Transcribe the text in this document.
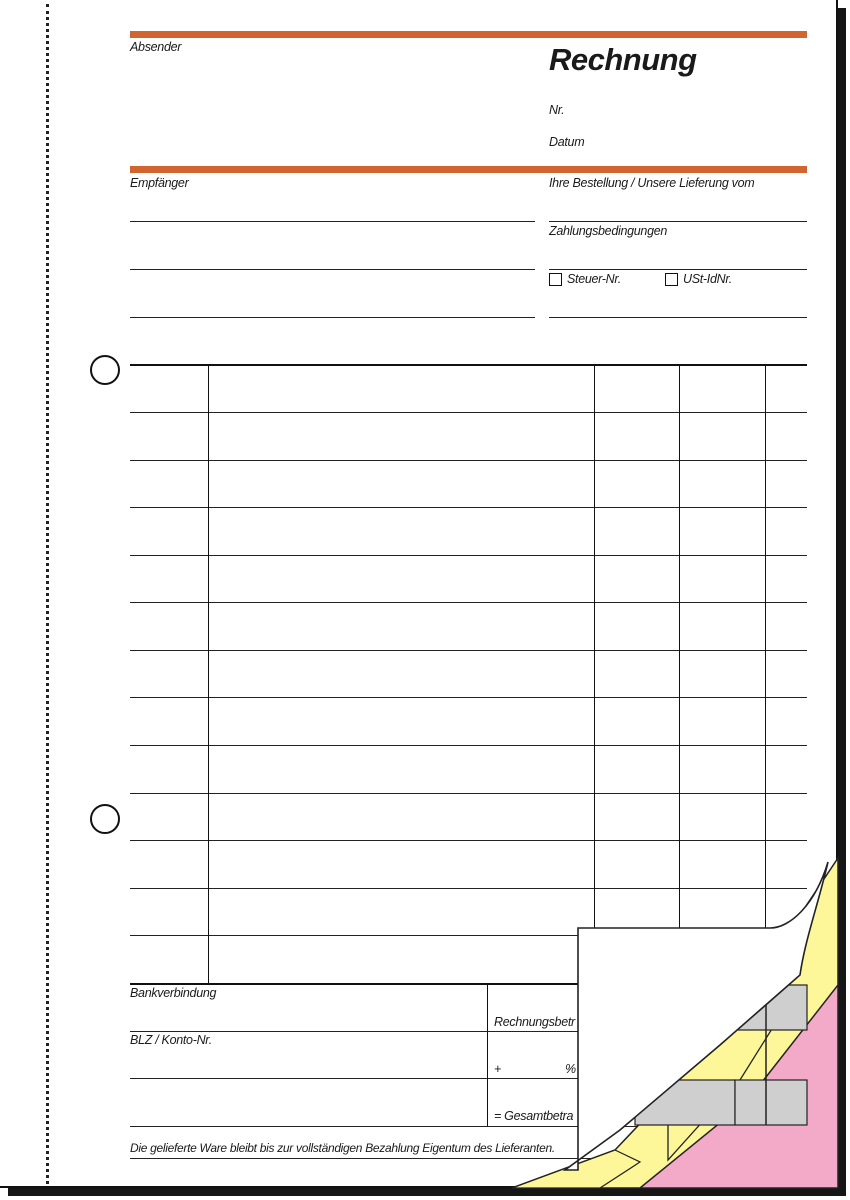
Absender	Rechnung
Nr.
Datum
Empfänger	Ihre Bestellung / Unsere Lieferung vom
Zahlungsbedingungen
Steuer-Nr.	USt-IdNr.
Bankverbindung
BLZ / Konto-Nr.
Rechnungsbetr
+	%
= Gesamtbetra
Die gelieferte Ware bleibt bis zur vollständigen Bezahlung Eigentum des Lieferanten.
